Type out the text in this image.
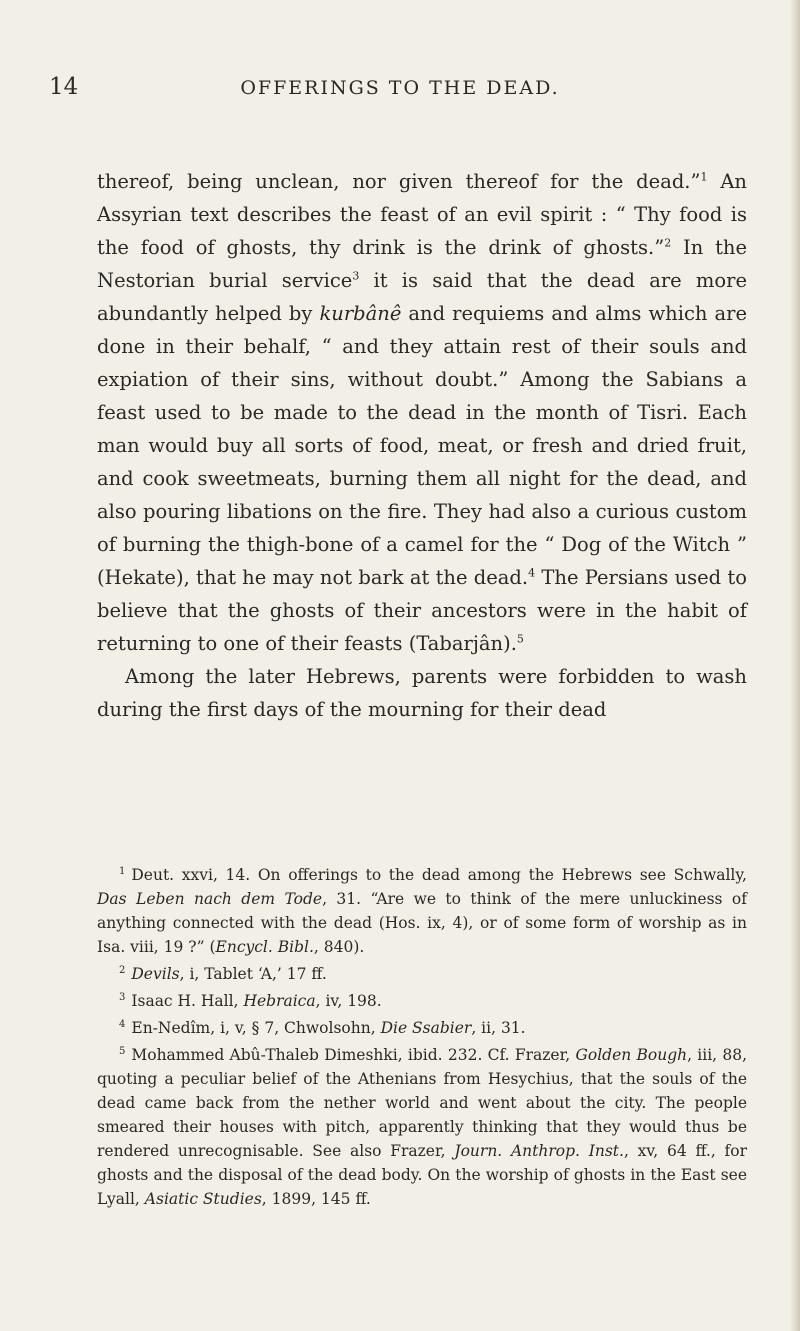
14	OFFERINGS TO THE DEAD.

thereof, being unclean, nor given thereof for the dead.”$^1$ An Assyrian text describes the feast of an evil spirit : “ Thy food is the food of ghosts, thy drink is the drink of ghosts.”$^2$ In the Nestorian burial service$^3$ it is said that the dead are more abundantly helped by kurbânê and requiems and alms which are done in their behalf, “ and they attain rest of their souls and expiation of their sins, without doubt.” Among the Sabians a feast used to be made to the dead in the month of Tisri. Each man would buy all sorts of food, meat, or fresh and dried fruit, and cook sweetmeats, burning them all night for the dead, and also pouring libations on the fire. They had also a curious custom of burning the thigh-bone of a camel for the “ Dog of the Witch ” (Hekate), that he may not bark at the dead.$^4$ The Persians used to believe that the ghosts of their ancestors were in the habit of returning to one of their feasts (Tabarjân).$^5$

Among the later Hebrews, parents were forbidden to wash during the first days of the mourning for their dead

$^1$ Deut. xxvi, 14. On offerings to the dead among the Hebrews see Schwally, Das Leben nach dem Tode, 31. “Are we to think of the mere unluckiness of anything connected with the dead (Hos. ix, 4), or of some form of worship as in Isa. viii, 19 ?” (Encycl. Bibl., 840).

$^2$ Devils, i, Tablet ‘A,’ 17 ff.

$^3$ Isaac H. Hall, Hebraica, iv, 198.

$^4$ En-Nedîm, i, v, § 7, Chwolsohn, Die Ssabier, ii, 31.

$^5$ Mohammed Abû-Thaleb Dimeshki, ibid. 232. Cf. Frazer, Golden Bough, iii, 88, quoting a peculiar belief of the Athenians from Hesychius, that the souls of the dead came back from the nether world and went about the city. The people smeared their houses with pitch, apparently thinking that they would thus be rendered unrecognisable. See also Frazer, Journ. Anthrop. Inst., xv, 64 ff., for ghosts and the disposal of the dead body. On the worship of ghosts in the East see Lyall, Asiatic Studies, 1899, 145 ff.
